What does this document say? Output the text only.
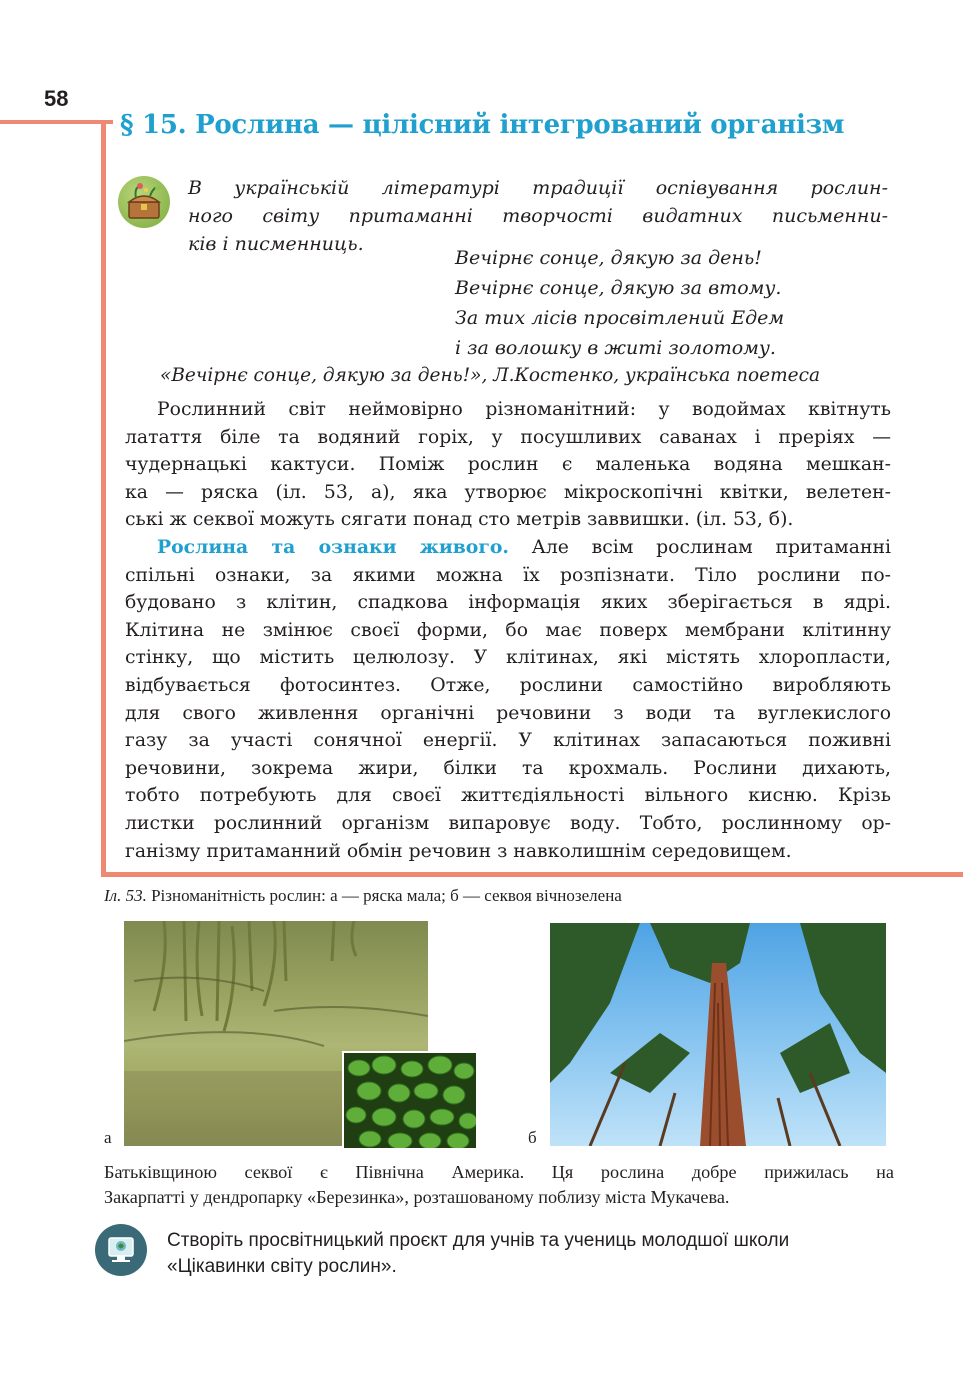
58
§ 15. Рослина — цілісний інтегрований організм
В українській літературі традиції оспівування рослин-
ного світу притаманні творчості видатних письменни-
ків і писменниць.
Вечірнє сонце, дякую за день!
Вечірнє сонце, дякую за втому.
За тих лісів просвітлений Едем
і за волошку в житі золотому.
«Вечірнє сонце, дякую за день!», Л.Костенко, українська поетеса
Рослинний світ неймовірно різноманітний: у водоймах квітнуть
латаття біле та водяний горіх, у посушливих саванах і преріях —
чудернацькі кактуси. Поміж рослин є маленька водяна мешкан-
ка — ряска (іл. 53, а), яка утворює мікроскопічні квітки, велетен-
ські ж секвої можуть сягати понад сто метрів заввишки. (іл. 53, б).
Рослина та ознаки живого. Але всім рослинам притаманні
спільні ознаки, за якими можна їх розпізнати. Тіло рослини по-
будовано з клітин, спадкова інформація яких зберігається в ядрі.
Клітина не змінює своєї форми, бо має поверх мембрани клітинну
стінку, що містить целюлозу. У клітинах, які містять хлоропласти,
відбувається фотосинтез. Отже, рослини самостійно виробляють
для свого живлення органічні речовини з води та вуглекислого
газу за участі сонячної енергії. У клітинах запасаються поживні
речовини, зокрема жири, білки та крохмаль. Рослини дихають,
тобто потребують для своєї життєдіяльності вільного кисню. Крізь
листки рослинний організм випаровує воду. Тобто, рослинному ор-
ганізму притаманний обмін речовин з навколишнім середовищем.
Іл. 53. Різноманітність рослин: а — ряска мала; б — секвоя вічнозелена
а	б
Батьківщиною секвої є Північна Америка. Ця рослина добре прижилась на
Закарпатті у дендропарку «Березинка», розташованому поблизу міста Мукачева.
Створіть просвітницький проєкт для учнів та учениць молодшої школи
«Цікавинки світу рослин».
